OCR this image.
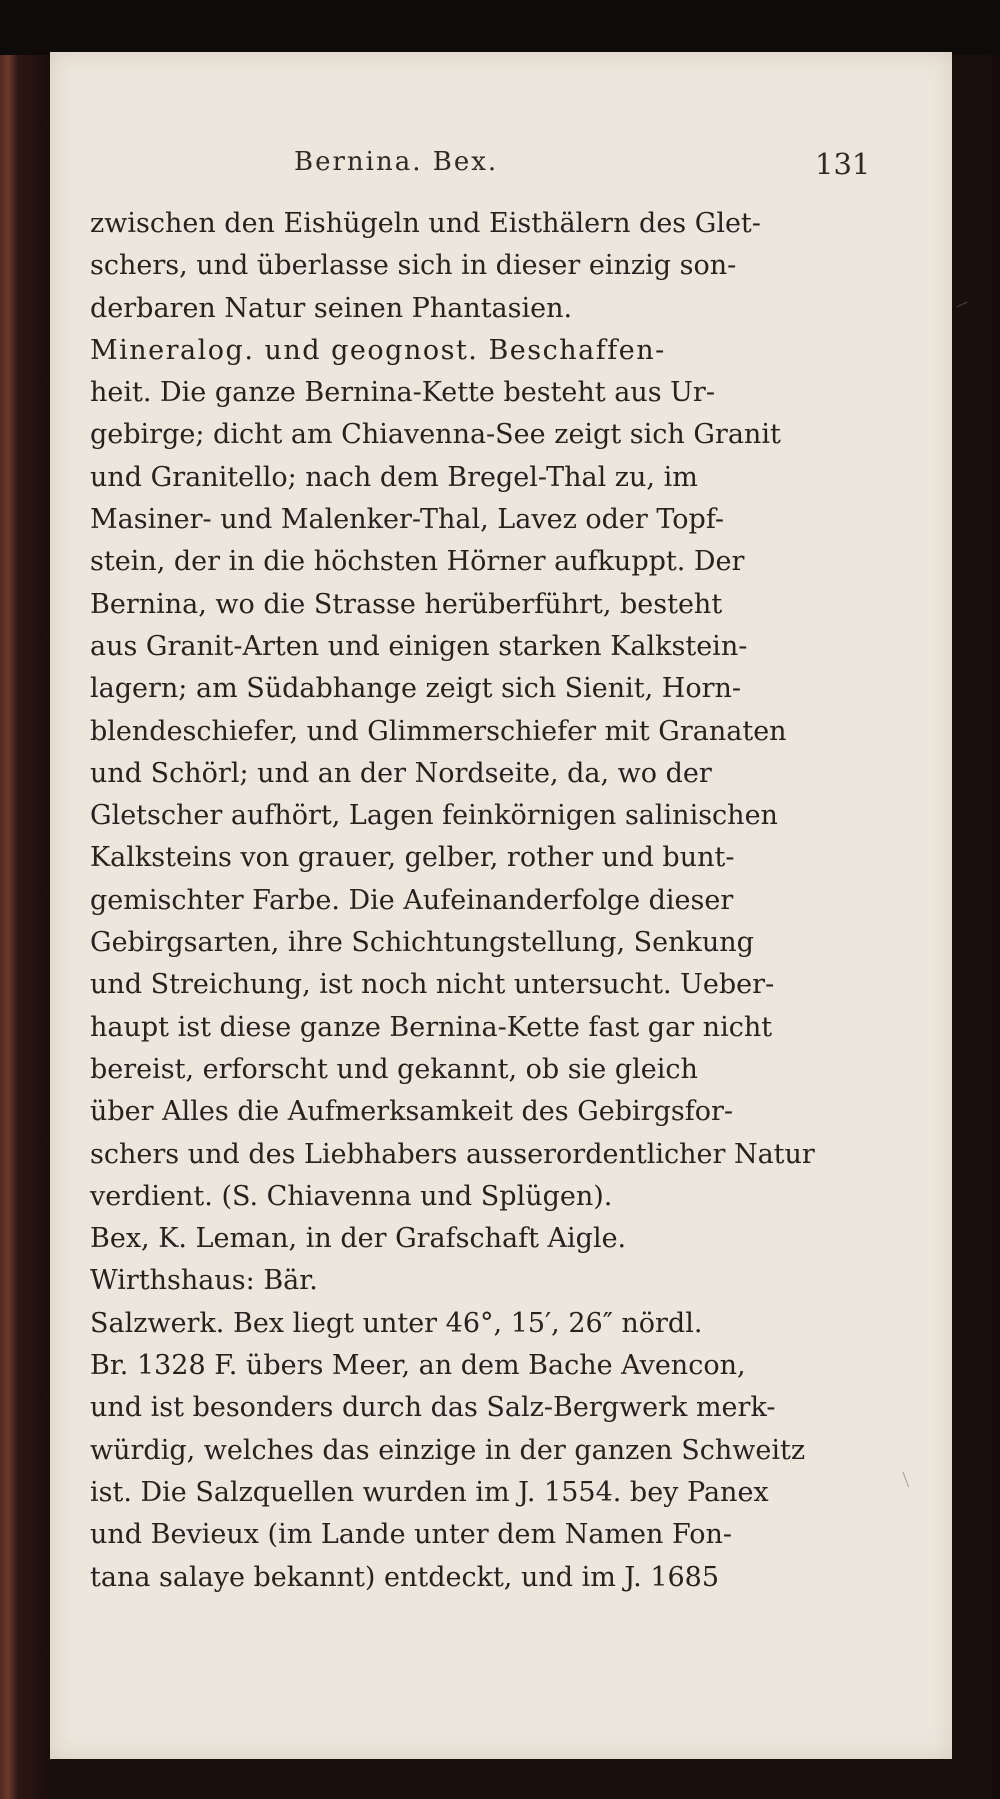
Bernina. Bex.	131
zwischen den Eishügeln und Eisthälern des Glet-
schers, und überlasse sich in dieser einzig son-
derbaren Natur seinen Phantasien.
Mineralog. und geognost. Beschaffen-
heit. Die ganze Bernina-Kette besteht aus Ur-
gebirge; dicht am Chiavenna-See zeigt sich Granit
und Granitello; nach dem Bregel-Thal zu, im
Masiner- und Malenker-Thal, Lavez oder Topf-
stein, der in die höchsten Hörner aufkuppt. Der
Bernina, wo die Strasse herüberführt, besteht
aus Granit-Arten und einigen starken Kalkstein-
lagern; am Südabhange zeigt sich Sienit, Horn-
blendeschiefer, und Glimmerschiefer mit Granaten
und Schörl; und an der Nordseite, da, wo der
Gletscher aufhört, Lagen feinkörnigen salinischen
Kalksteins von grauer, gelber, rother und bunt-
gemischter Farbe. Die Aufeinanderfolge dieser
Gebirgsarten, ihre Schichtungstellung, Senkung
und Streichung, ist noch nicht untersucht. Ueber-
haupt ist diese ganze Bernina-Kette fast gar nicht
bereist, erforscht und gekannt, ob sie gleich
über Alles die Aufmerksamkeit des Gebirgsfor-
schers und des Liebhabers ausserordentlicher Natur
verdient. (S. Chiavenna und Splügen).
Bex, K. Leman, in der Grafschaft Aigle.
Wirthshaus: Bär.
Salzwerk. Bex liegt unter 46°, 15′, 26″ nördl.
Br. 1328 F. übers Meer, an dem Bache Avencon,
und ist besonders durch das Salz-Bergwerk merk-
würdig, welches das einzige in der ganzen Schweitz
ist. Die Salzquellen wurden im J. 1554. bey Panex
und Bevieux (im Lande unter dem Namen Fon-
tana salaye bekannt) entdeckt, und im J. 1685
